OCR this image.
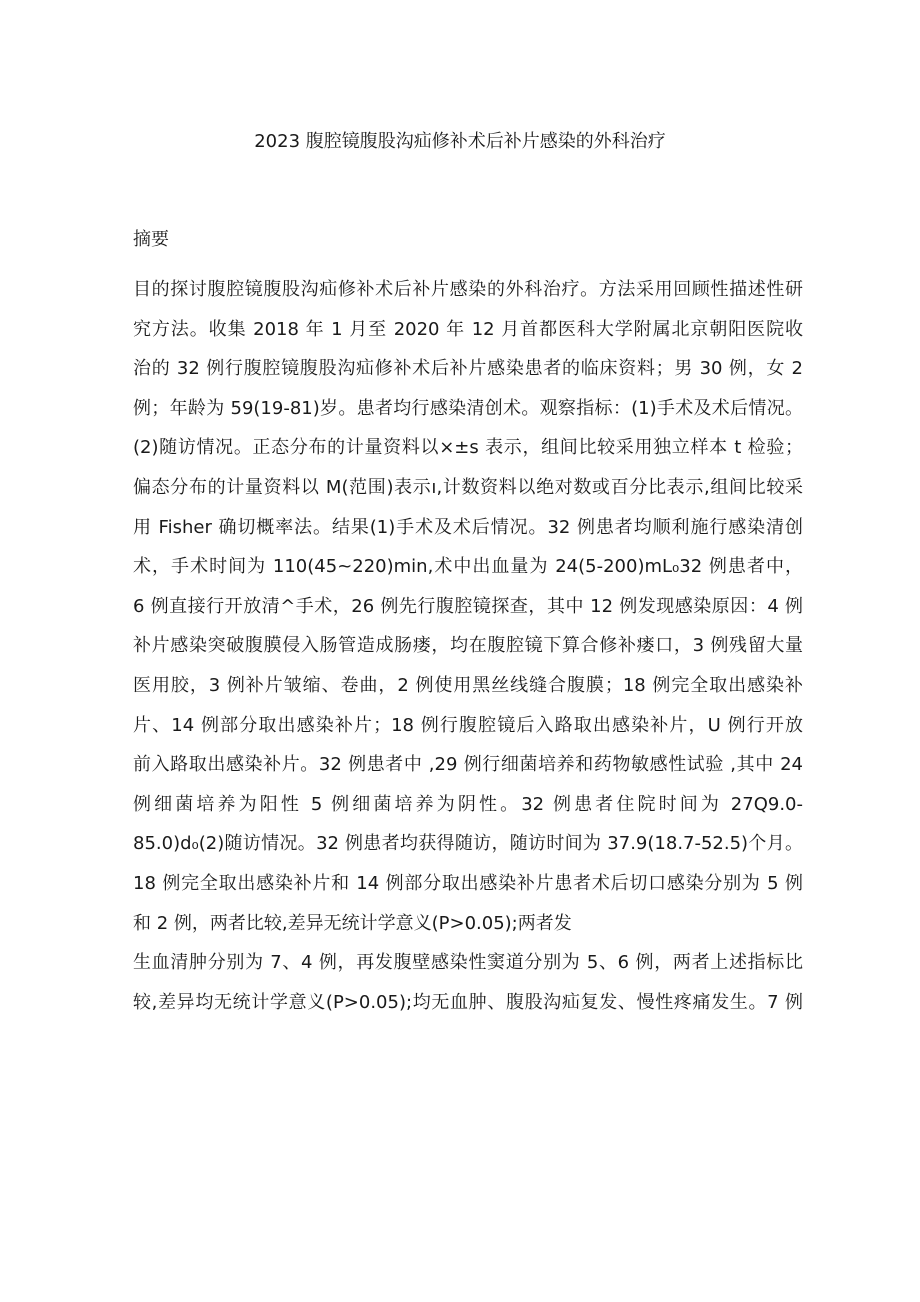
2023 腹腔镜腹股沟疝修补术后补片感染的外科治疗
摘要
目的探讨腹腔镜腹股沟疝修补术后补片感染的外科治疗。方法采用回顾性描述性研
究方法。收集 2018 年 1 月至 2020 年 12 月首都医科大学附属北京朝阳医院收
治的 32 例行腹腔镜腹股沟疝修补术后补片感染患者的临床资料；男 30 例，女 2
例；年龄为 59(19-81)岁。患者均行感染清创术。观察指标：(1)手术及术后情况。
(2)随访情况。正态分布的计量资料以×±s 表示，组间比较采用独立样本 t 检验；
偏态分布的计量资料以 M(范围)表示ı,计数资料以绝对数或百分比表示,组间比较采
用 Fisher 确切概率法。结果(1)手术及术后情况。32 例患者均顺利施行感染清创
术，手术时间为 110(45~220)min,术中出血量为 24(5-200)mL₀32 例患者中，
6 例直接行开放清^手术，26 例先行腹腔镜探查，其中 12 例发现感染原因：4 例
补片感染突破腹膜侵入肠管造成肠瘘，均在腹腔镜下算合修补瘘口，3 例残留大量
医用胶，3 例补片皱缩、卷曲，2 例使用黑丝线缝合腹膜；18 例完全取出感染补
片、14 例部分取出感染补片；18 例行腹腔镜后入路取出感染补片，U 例行开放
前入路取出感染补片。32 例患者中 ,29 例行细菌培养和药物敏感性试验 ,其中 24
例细菌培养为阳性 5 例细菌培养为阴性。32 例患者住院时间为 27Q9.0-
85.0)d₀(2)随访情况。32 例患者均获得随访，随访时间为 37.9(18.7-52.5)个月。
18 例完全取出感染补片和 14 例部分取出感染补片患者术后切口感染分别为 5 例
和 2 例，两者比较,差异无统计学意义(P>0.05);两者发
生血清肿分别为 7、4 例，再发腹壁感染性窦道分别为 5、6 例，两者上述指标比
较,差异均无统计学意义(P>0.05);均无血肿、腹股沟疝复发、慢性疼痛发生。7 例
